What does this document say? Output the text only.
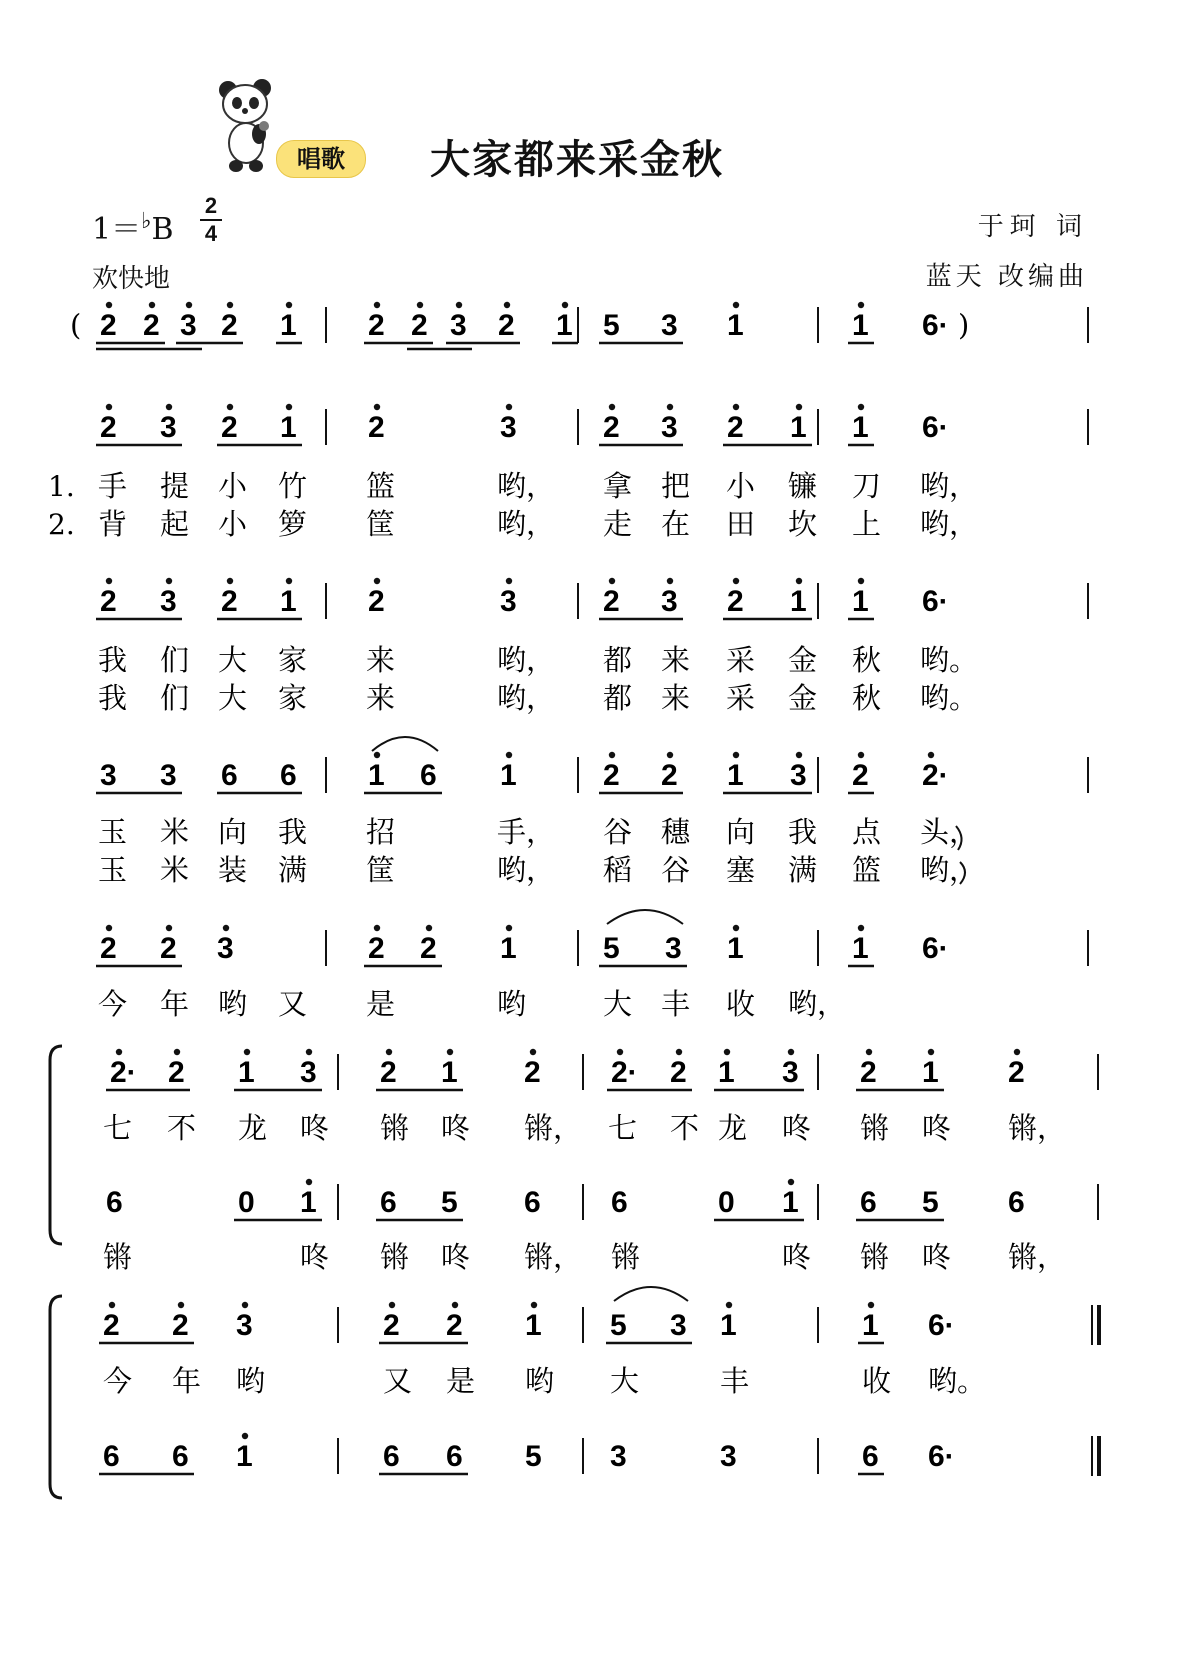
唱歌	大家都来采金秋
1＝♭B
2
4
欢快地
于珂 词
蓝天 改编曲
(	)
2 2 3 2 1 2 2 3 2 1 5 3 1	1 6·
2 3 2 1 2	3	2 3 2 1 1 6·
1. 手 提 小 竹 篮	哟， 拿 把 小 镰 刀 哟，
2. 背 起 小 箩 筐	哟， 走 在 田 坎 上 哟，
2 3 2 1 2	3	2 3 2 1 1 6·
我 们 大 家 来	哟， 都 来 采 金 秋 哟。
我 们 大 家 来	哟， 都 来 采 金 秋 哟。
3 3 6 6 1 6 1	2 2 1 3 2 2·
玉 米 向 我 招	手， 谷 穗 向 我 点 头，
玉 米 装 满 筐	哟， 稻 谷 塞 满 篮 哟，
2 2 3	2 2 1	5 3 1	1 6·
今 年 哟 又 是	哟	大 丰 收 哟，
2· 2 1 3 2 1 2 2· 2 1 3 2 1 2
七 不 龙 咚 锵 咚 锵， 七 不 龙 咚 锵 咚 锵，
6	0 1 6 5 6 6	0 1 6 5 6
锵	咚 锵 咚 锵， 锵	咚 锵 咚 锵，
2 2 3	2 2 1 5 3 1	1 6·
今 年 哟	又 是 哟 大	丰	收 哟。
6 6 1	6 6 5 3	3	6 6·
